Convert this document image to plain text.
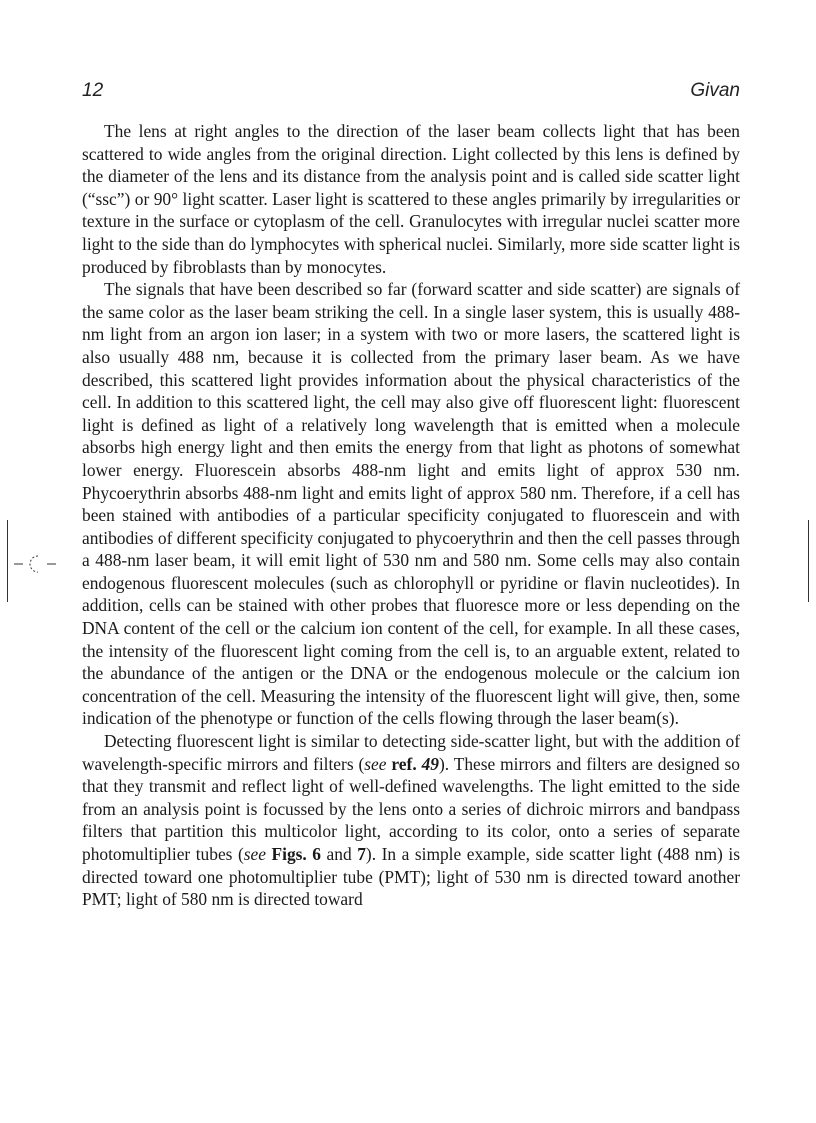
12	Givan

The lens at right angles to the direction of the laser beam collects light that has been scattered to wide angles from the original direction. Light collected by this lens is defined by the diameter of the lens and its distance from the analysis point and is called side scatter light (“ssc”) or 90° light scatter. Laser light is scattered to these angles primarily by irregularities or texture in the surface or cytoplasm of the cell. Granulocytes with irregular nuclei scatter more light to the side than do lymphocytes with spherical nuclei. Similarly, more side scatter light is produced by fibroblasts than by monocytes.

The signals that have been described so far (forward scatter and side scatter) are signals of the same color as the laser beam striking the cell. In a single laser system, this is usually 488-nm light from an argon ion laser; in a system with two or more lasers, the scattered light is also usually 488 nm, because it is collected from the primary laser beam. As we have described, this scattered light provides information about the physical characteristics of the cell. In addition to this scattered light, the cell may also give off fluorescent light: fluorescent light is defined as light of a relatively long wavelength that is emitted when a molecule absorbs high energy light and then emits the energy from that light as photons of somewhat lower energy. Fluorescein absorbs 488-nm light and emits light of approx 530 nm. Phycoerythrin absorbs 488-nm light and emits light of approx 580 nm. Therefore, if a cell has been stained with antibodies of a particular specificity conjugated to fluorescein and with antibodies of different specificity conjugated to phycoerythrin and then the cell passes through a 488-nm laser beam, it will emit light of 530 nm and 580 nm. Some cells may also contain endogenous fluorescent molecules (such as chlorophyll or pyridine or flavin nucleotides). In addition, cells can be stained with other probes that fluoresce more or less depending on the DNA content of the cell or the calcium ion content of the cell, for example. In all these cases, the intensity of the fluorescent light coming from the cell is, to an arguable extent, related to the abundance of the antigen or the DNA or the endogenous molecule or the calcium ion concentration of the cell. Measuring the intensity of the fluorescent light will give, then, some indication of the phenotype or function of the cells flowing through the laser beam(s).

Detecting fluorescent light is similar to detecting side-scatter light, but with the addition of wavelength-specific mirrors and filters (see ref. 49). These mirrors and filters are designed so that they transmit and reflect light of well-defined wavelengths. The light emitted to the side from an analysis point is focussed by the lens onto a series of dichroic mirrors and bandpass filters that partition this multicolor light, according to its color, onto a series of separate photomultiplier tubes (see Figs. 6 and 7). In a simple example, side scatter light (488 nm) is directed toward one photomultiplier tube (PMT); light of 530 nm is directed toward another PMT; light of 580 nm is directed toward
